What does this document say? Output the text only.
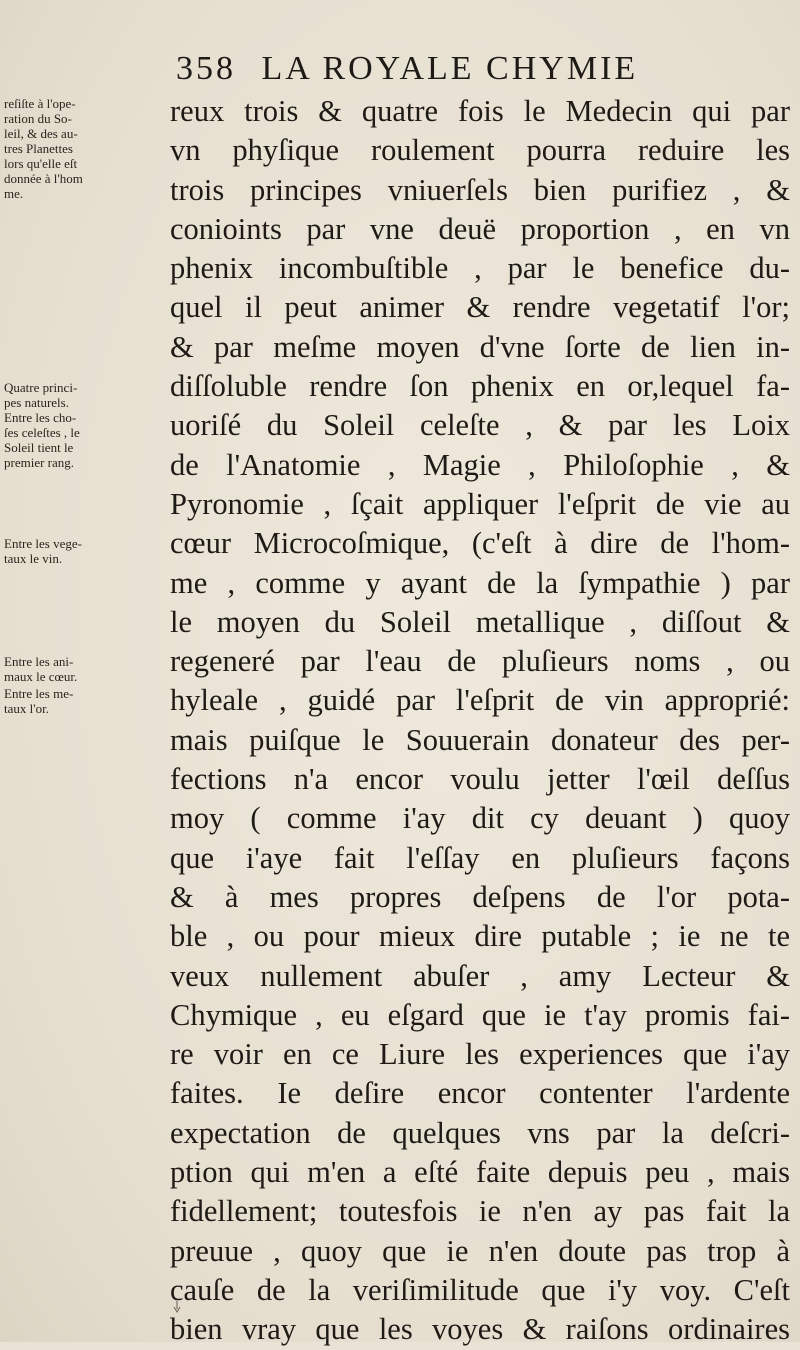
358 LA ROYALE CHYMIE
reux trois & quatre fois le Medecin qui par
vn phyſique roulement pourra reduire les
trois principes vniuerſels bien purifiez , &
conioints par vne deuë proportion , en vn
phenix incombuſtible , par le benefice du-
quel il peut animer & rendre vegetatif l'or;
& par meſme moyen d'vne ſorte de lien in-
diſſoluble rendre ſon phenix en or,lequel fa-
uoriſé du Soleil celeſte , & par les Loix
de l'Anatomie , Magie , Philoſophie , &
Pyronomie , ſçait appliquer l'eſprit de vie au
cœur Microcoſmique, (c'eſt à dire de l'hom-
me , comme y ayant de la ſympathie ) par
le moyen du Soleil metallique , diſſout &
regeneré par l'eau de pluſieurs noms , ou
hyleale , guidé par l'eſprit de vin approprié:
mais puiſque le Souuerain donateur des per-
fections n'a encor voulu jetter l'œil deſſus
moy ( comme i'ay dit cy deuant ) quoy
que i'aye fait l'eſſay en pluſieurs façons
& à mes propres deſpens de l'or pota-
ble , ou pour mieux dire putable ; ie ne te
veux nullement abuſer , amy Lecteur &
Chymique , eu eſgard que ie t'ay promis fai-
re voir en ce Liure les experiences que i'ay
faites. Ie deſire encor contenter l'ardente
expectation de quelques vns par la deſcri-
ption qui m'en a eſté faite depuis peu , mais
fidellement; toutesfois ie n'en ay pas fait la
preuue , quoy que ie n'en doute pas trop à
cauſe de la veriſimilitude que i'y voy. C'eſt
bien vray que les voyes & raiſons ordinaires
reſiſte à l'ope-
ration du So-
leil, & des au-
tres Planettes
lors qu'elle eſt
donnée à l'hom
me.
Quatre princi-
pes naturels.
Entre les cho-
ſes celeſtes , le
Soleil tient le
premier rang.
Entre les vege-
taux le vin.
Entre les ani-
maux le cœur.
Entre les me-
taux l'or.
